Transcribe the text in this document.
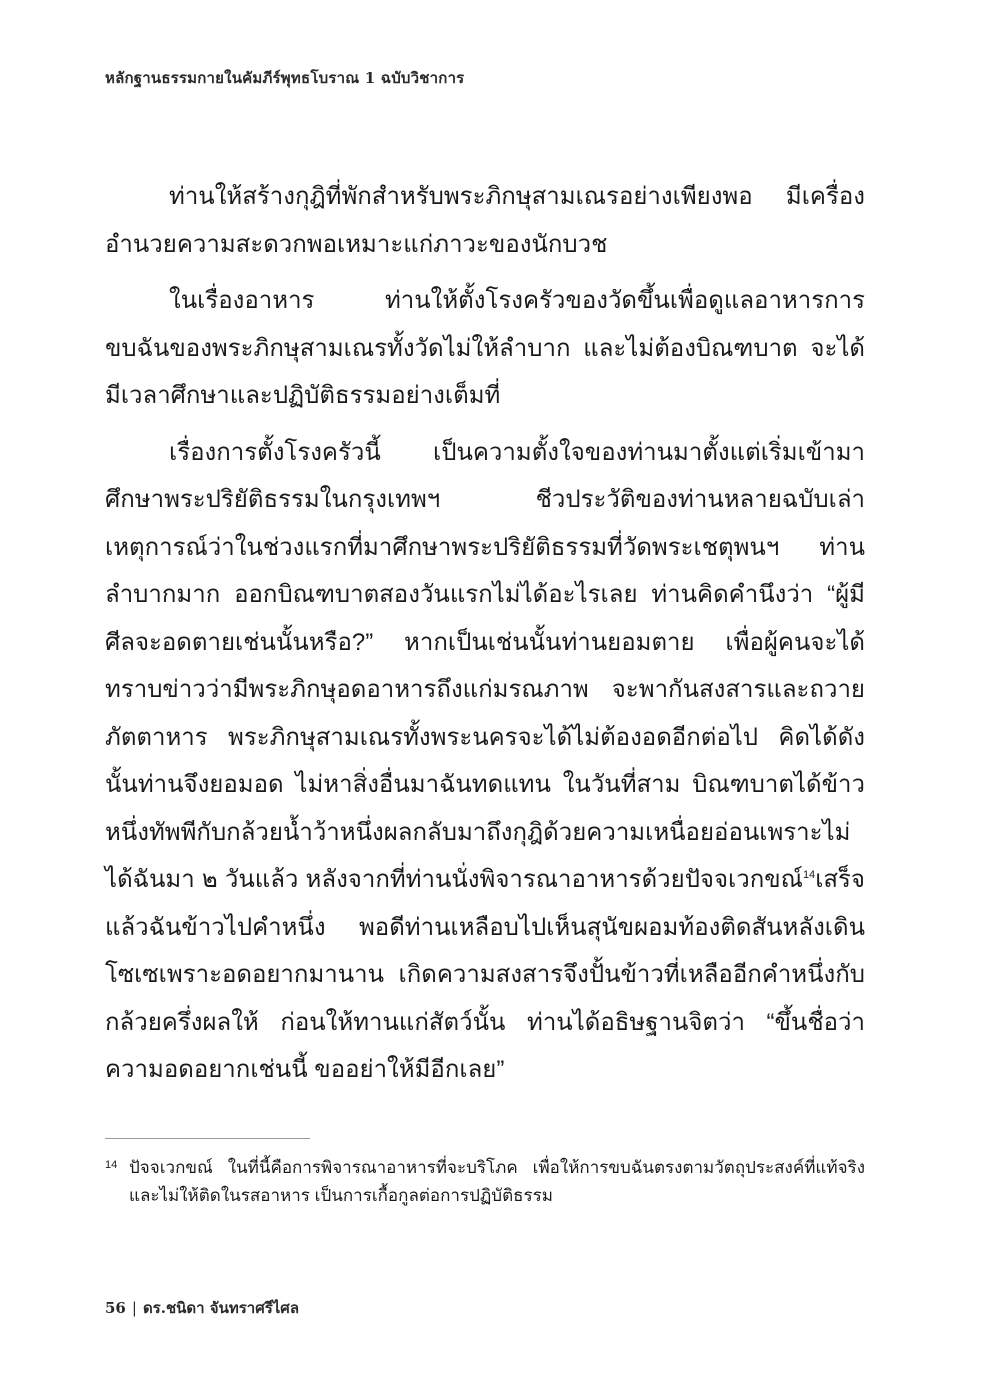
หลักฐานธรรมกายในคัมภีร์พุทธโบราณ 1 ฉบับวิชาการ

ท่านให้สร้างกุฎิที่พักสำหรับพระภิกษุสามเณรอย่างเพียงพอ มีเครื่องอำนวยความสะดวกพอเหมาะแก่ภาวะของนักบวช

ในเรื่องอาหาร ท่านให้ตั้งโรงครัวของวัดขึ้นเพื่อดูแลอาหารการขบฉันของพระภิกษุสามเณรทั้งวัดไม่ให้ลำบาก และไม่ต้องบิณฑบาต จะได้มีเวลาศึกษาและปฏิบัติธรรมอย่างเต็มที่

เรื่องการตั้งโรงครัวนี้ เป็นความตั้งใจของท่านมาตั้งแต่เริ่มเข้ามาศึกษาพระปริยัติธรรมในกรุงเทพฯ ชีวประวัติของท่านหลายฉบับเล่าเหตุการณ์ว่าในช่วงแรกที่มาศึกษาพระปริยัติธรรมที่วัดพระเชตุพนฯ ท่านลำบากมาก ออกบิณฑบาตสองวันแรกไม่ได้อะไรเลย ท่านคิดคำนึงว่า “ผู้มีศีลจะอดตายเช่นนั้นหรือ?” หากเป็นเช่นนั้นท่านยอมตาย เพื่อผู้คนจะได้ทราบข่าวว่ามีพระภิกษุอดอาหารถึงแก่มรณภาพ จะพากันสงสารและถวายภัตตาหาร พระภิกษุสามเณรทั้งพระนครจะได้ไม่ต้องอดอีกต่อไป คิดได้ดังนั้นท่านจึงยอมอด ไม่หาสิ่งอื่นมาฉันทดแทน ในวันที่สาม บิณฑบาตได้ข้าวหนึ่งทัพพีกับกล้วยน้ำว้าหนึ่งผลกลับมาถึงกุฎิด้วยความเหนื่อยอ่อนเพราะไม่ได้ฉันมา ๒ วันแล้ว หลังจากที่ท่านนั่งพิจารณาอาหารด้วยปัจจเวกขณ์$^{14}$เสร็จแล้วฉันข้าวไปคำหนึ่ง พอดีท่านเหลือบไปเห็นสุนัขผอมท้องติดสันหลังเดินโซเซเพราะอดอยากมานาน เกิดความสงสารจึงปั้นข้าวที่เหลืออีกคำหนึ่งกับกล้วยครึ่งผลให้ ก่อนให้ทานแก่สัตว์นั้น ท่านได้อธิษฐานจิตว่า “ขึ้นชื่อว่าความอดอยากเช่นนี้ ขออย่าให้มีอีกเลย”

14 ปัจจเวกขณ์ ในที่นี้คือการพิจารณาอาหารที่จะบริโภค เพื่อให้การขบฉันตรงตามวัตถุประสงค์ที่แท้จริงและไม่ให้ติดในรสอาหาร เป็นการเกื้อกูลต่อการปฏิบัติธรรม
56 | ดร.ชนิดา จันทราศรีไศล
